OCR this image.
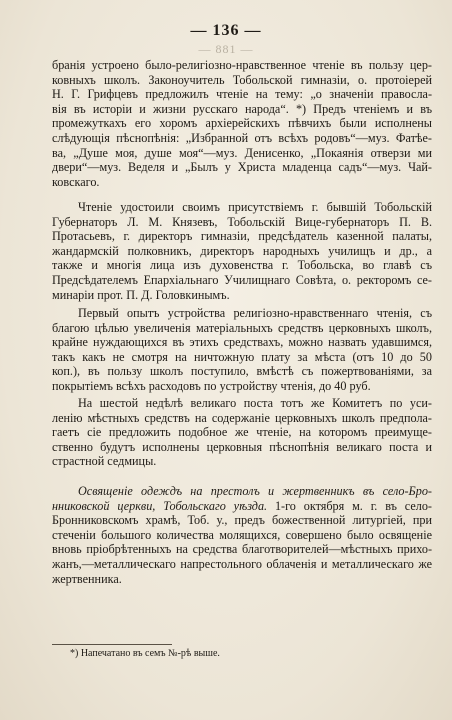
— 136 —
— 881 —
бранія устроено было-религіозно-нравственное чтеніе въ пользу цер-
ковныхъ школъ. Законоучитель Тобольской гимназіи, о. протоіерей
Н. Г. Грифцевъ предложилъ чтеніе на тему: „о значеніи правосла-
вія въ исторіи и жизни русскаго народа“. *) Предъ чтеніемъ и въ
промежуткахъ его хоромъ архіерейскихъ пѣвчихъ были исполнены
слѣдующія пѣснопѣнія: „Избранной отъ всѣхъ родовъ“—муз. Фатѣе-
ва, „Душе моя, душе моя“—муз. Денисенко, „Покаянія отверзи ми
двери“—муз. Веделя и „Былъ у Христа младенца садъ“—муз. Чай-
ковскаго.
Чтеніе удостоили своимъ присутствіемъ г. бывшій Тобольскій
Губернаторъ Л. М. Князевъ, Тобольскій Вице-губернаторъ П. В.
Протасьевъ, г. директоръ гимназіи, предсѣдатель казенной палаты,
жандармскій полковникъ, директоръ народныхъ училищъ и др., а
также и многія лица изъ духовенства г. Тобольска, во главѣ съ
Предсѣдателемъ Епархіальнаго Училищнаго Совѣта, о. ректоромъ се-
минаріи прот. П. Д. Головкинымъ.
Первый опытъ устройства религіозно-нравственнаго чтенія, съ
благою цѣлью увеличенія матеріальныхъ средствъ церковныхъ школъ,
крайне нуждающихся въ этихъ средствахъ, можно назвать удавшимся,
такъ какъ не смотря на ничтожную плату за мѣста (отъ 10 до 50
коп.), въ пользу школъ поступило, вмѣстѣ съ пожертвованіями, за
покрытіемъ всѣхъ расходовъ по устройству чтенія, до 40 руб.
На шестой недѣлѣ великаго поста тотъ же Комитетъ по уси-
ленію мѣстныхъ средствъ на содержаніе церковныхъ школъ предпола-
гаетъ сіе предложить подобное же чтеніе, на которомъ преимуще-
ственно будутъ исполнены церковныя пѣснопѣнія великаго поста и
страстной седмицы.
Освященіе одеждъ на престолъ и жертвенникъ въ село-Бро-
нниковской церкви, Тобольскаго уѣзда. 1-го октября м. г. въ село-
Бронниковскомъ храмѣ, Тоб. у., предъ божественной литургіей, при
стеченіи большого количества молящихся, совершено было освященіе
вновь пріобрѣтенныхъ на средства благотворителей—мѣстныхъ прихо-
жанъ,—металлическаго напрестольного облаченія и металлическаго же
жертвенника.
*) Напечатано въ семъ №-рѣ выше.
